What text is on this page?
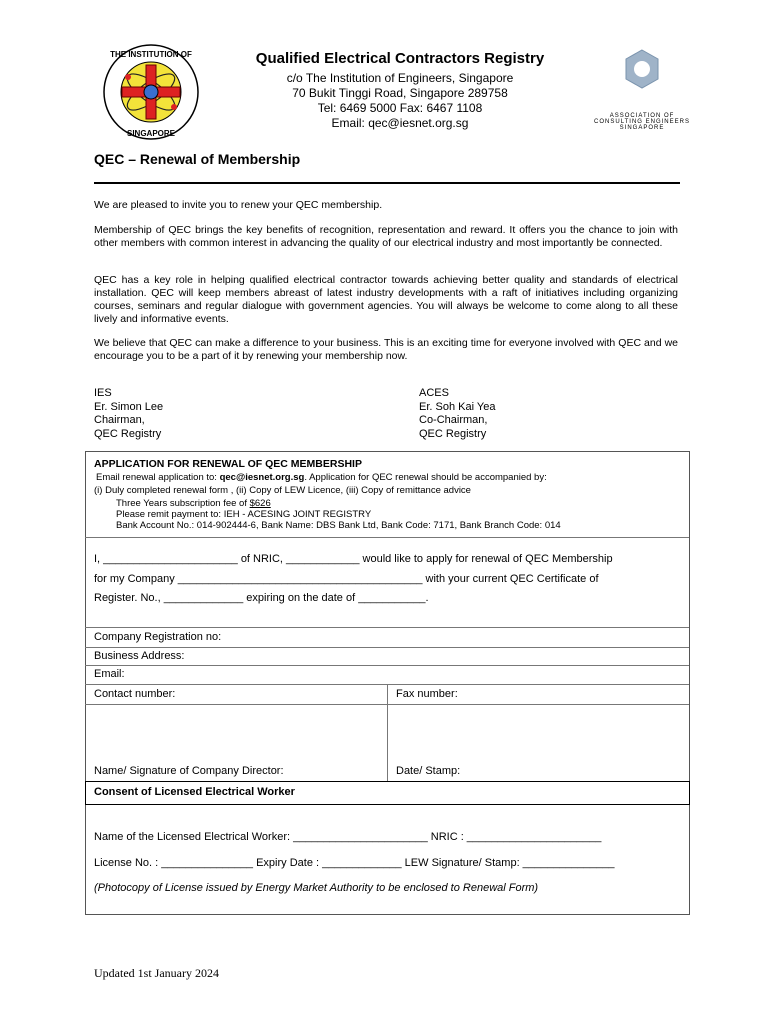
THE INSTITUTION OF
SINGAPORE
Qualified Electrical Contractors Registry
c/o The Institution of Engineers, Singapore
70 Bukit Tinggi Road, Singapore 289758
Tel: 6469 5000 Fax: 6467 1108
Email: qec@iesnet.org.sg	ASSOCIATION OF
CONSULTING ENGINEERS
SINGAPORE
QEC – Renewal of Membership
We are pleased to invite you to renew your QEC membership.
Membership of QEC brings the key benefits of recognition, representation and reward. It offers you the chance to join with other members with common interest in advancing the quality of our electrical industry and most importantly be connected.
QEC has a key role in helping qualified electrical contractor towards achieving better quality and standards of electrical installation. QEC will keep members abreast of latest industry developments with a raft of initiatives including organizing courses, seminars and regular dialogue with government agencies. You will always be welcome to come along to all these lively and informative events.
We believe that QEC can make a difference to your business. This is an exciting time for everyone involved with QEC and we encourage you to be a part of it by renewing your membership now.
IES
Er. Simon Lee
Chairman,
QEC Registry
ACES
Er. Soh Kai Yea
Co-Chairman,
QEC Registry
APPLICATION FOR RENEWAL OF QEC MEMBERSHIP
Email renewal application to: qec@iesnet.org.sg. Application for QEC renewal should be accompanied by:
(i) Duly completed renewal form , (ii) Copy of LEW Licence, (iii) Copy of remittance advice
Three Years subscription fee of $626
Please remit payment to: IEH - ACESING JOINT REGISTRY
Bank Account No.: 014-902444-6, Bank Name: DBS Bank Ltd, Bank Code: 7171, Bank Branch Code: 014
I, ______________________ of NRIC, ____________ would like to apply for renewal of QEC Membership
for my Company ________________________________________ with your current QEC Certificate of
Register. No., _____________ expiring on the date of ___________.
Company Registration no:
Business Address:
Email:
Contact number:	Fax number:
Name/ Signature of Company Director:	Date/ Stamp:
Consent of Licensed Electrical Worker
Name of the Licensed Electrical Worker: ______________________ NRIC : ______________________
License No. : _______________ Expiry Date : _____________ LEW Signature/ Stamp: _______________
(Photocopy of License issued by Energy Market Authority to be enclosed to Renewal Form)
Updated 1st January 2024
